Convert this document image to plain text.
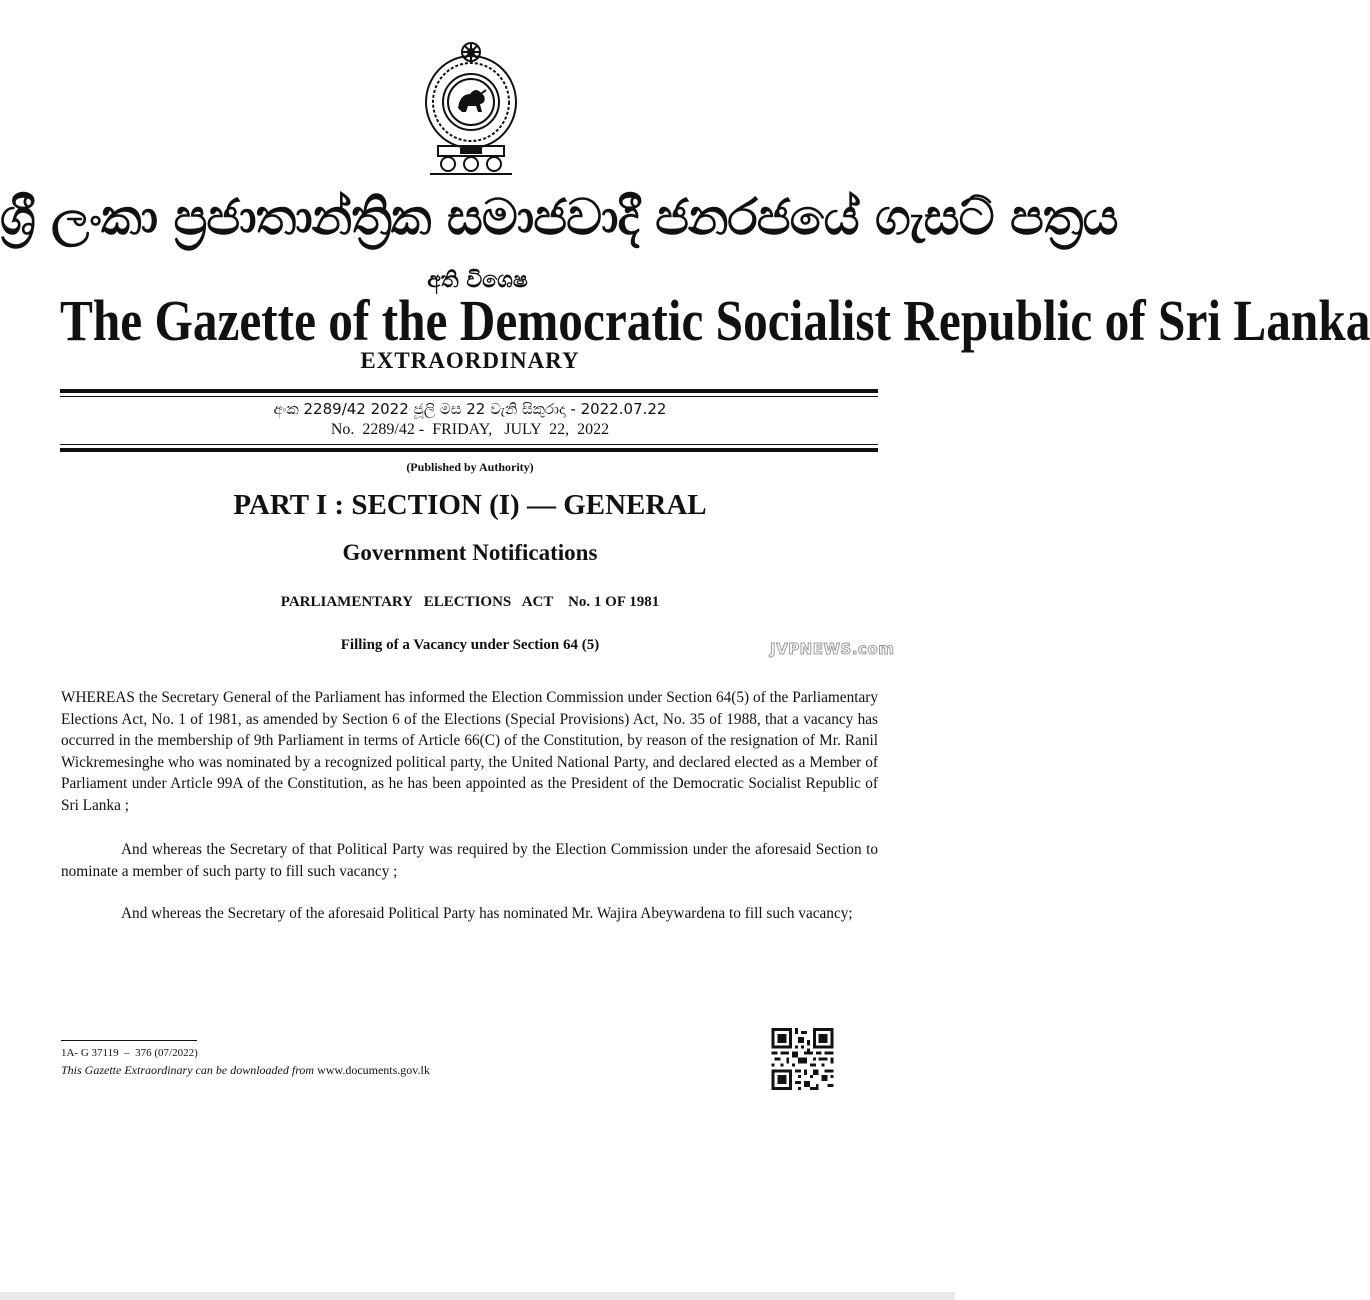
ශ්‍රී ලංකා ප්‍රජාතාන්ත්‍රික සමාජවාදී ජනරජයේ ගැසට් පත්‍රය
අති විශෙෂ
The Gazette of the Democratic Socialist Republic of Sri Lanka
EXTRAORDINARY
අංක 2289/42 2022 ජූලි මස 22 වැනි සිකුරාදා - 2022.07.22
No.  2289/42 -  FRIDAY,   JULY  22,  2022
(Published by Authority)
PART I : SECTION (I) — GENERAL
Government Notifications
PARLIAMENTARY   ELECTIONS   ACT    No. 1 OF 1981
Filling of a Vacancy under Section 64 (5)	JVPNEWS.com

WHEREAS the Secretary General of the Parliament has informed the Election Commission under Section 64(5) of the Parliamentary Elections Act, No. 1 of 1981, as amended by Section 6 of the Elections (Special Provisions) Act, No. 35 of 1988, that a vacancy has occurred in the membership of 9th Parliament in terms of Article 66(C) of the Constitution, by reason of the resignation of Mr. Ranil Wickremesinghe who was nominated by a recognized political party, the United National Party, and declared elected as a Member of Parliament under Article 99A of the Constitution, as he has been appointed as the President of the Democratic Socialist Republic of Sri Lanka ;

And whereas the Secretary of that Political Party was required by the Election Commission under the aforesaid Section to nominate a member of such party to fill such vacancy ;

And whereas the Secretary of the aforesaid Political Party has nominated Mr. Wajira Abeywardena to fill such vacancy;

1A- G 37119  –  376 (07/2022)
This Gazette Extraordinary can be downloaded from www.documents.gov.lk
